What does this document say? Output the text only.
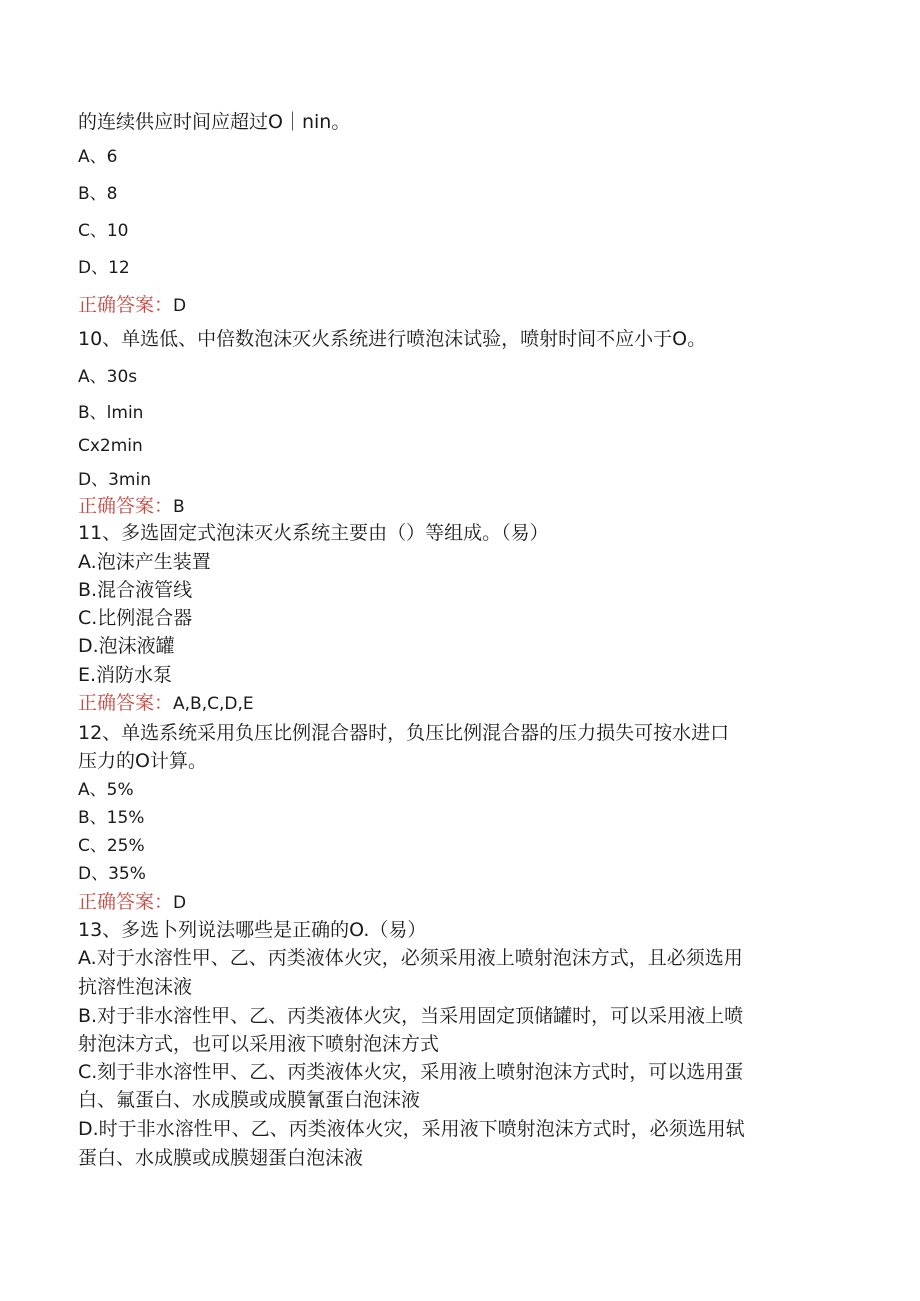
的连续供应时间应超过O｜nin。
A、6
B、8
C、10
D、12
正确答案：D
10、单选低、中倍数泡沫灭火系统进行喷泡沫试验，喷射时间不应小于O。
A、30s
B、lmin
Cx2min
D、3min
正确答案：B
11、多选固定式泡沫灭火系统主要由（）等组成。（易）
A.泡沫产生装置
B.混合液管线
C.比例混合器
D.泡沫液罐
E.消防水泵
正确答案：A,B,C,D,E
12、单选系统采用负压比例混合器时，负压比例混合器的压力损失可按水进口
压力的O计算。
A、5%
B、15%
C、25%
D、35%
正确答案：D
13、多选卜列说法哪些是正确的O.（易）
A.对于水溶性甲、乙、丙类液体火灾，必须采用液上喷射泡沫方式，且必须选用
抗溶性泡沫液
B.对于非水溶性甲、乙、丙类液体火灾，当采用固定顶储罐时，可以采用液上喷
射泡沫方式，也可以采用液下喷射泡沫方式
C.刻于非水溶性甲、乙、丙类液体火灾，采用液上喷射泡沫方式时，可以选用蛋
白、氟蛋白、水成膜或成膜氰蛋白泡沫液
D.时于非水溶性甲、乙、丙类液体火灾，采用液下喷射泡沫方式时，必须选用轼
蛋白、水成膜或成膜翅蛋白泡沫液
